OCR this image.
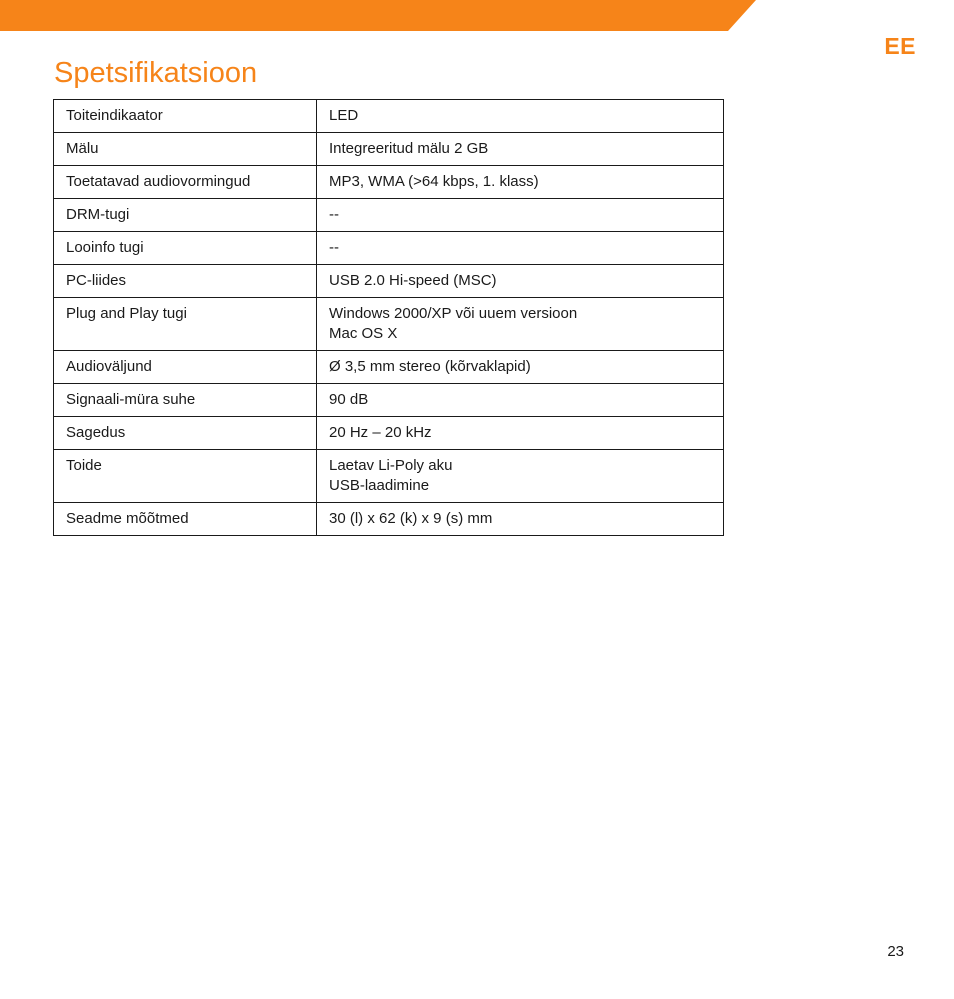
EE
Spetsifikatsioon
Toiteindikaator	LED

Mälu	Integreeritud mälu 2 GB

Toetatavad audiovormingud	MP3, WMA (>64 kbps, 1. klass)

DRM-tugi	--

Looinfo tugi	--

PC-liides	USB 2.0 Hi-speed (MSC)

Plug and Play tugi	Windows 2000/XP või uuem versioon
Mac OS X

Audioväljund	Ø 3,5 mm stereo (kõrvaklapid)

Signaali-müra suhe	90 dB

Sagedus	20 Hz – 20 kHz

Toide	Laetav Li-Poly aku
USB-laadimine

Seadme mõõtmed	30 (l) x 62 (k) x 9 (s) mm
23
